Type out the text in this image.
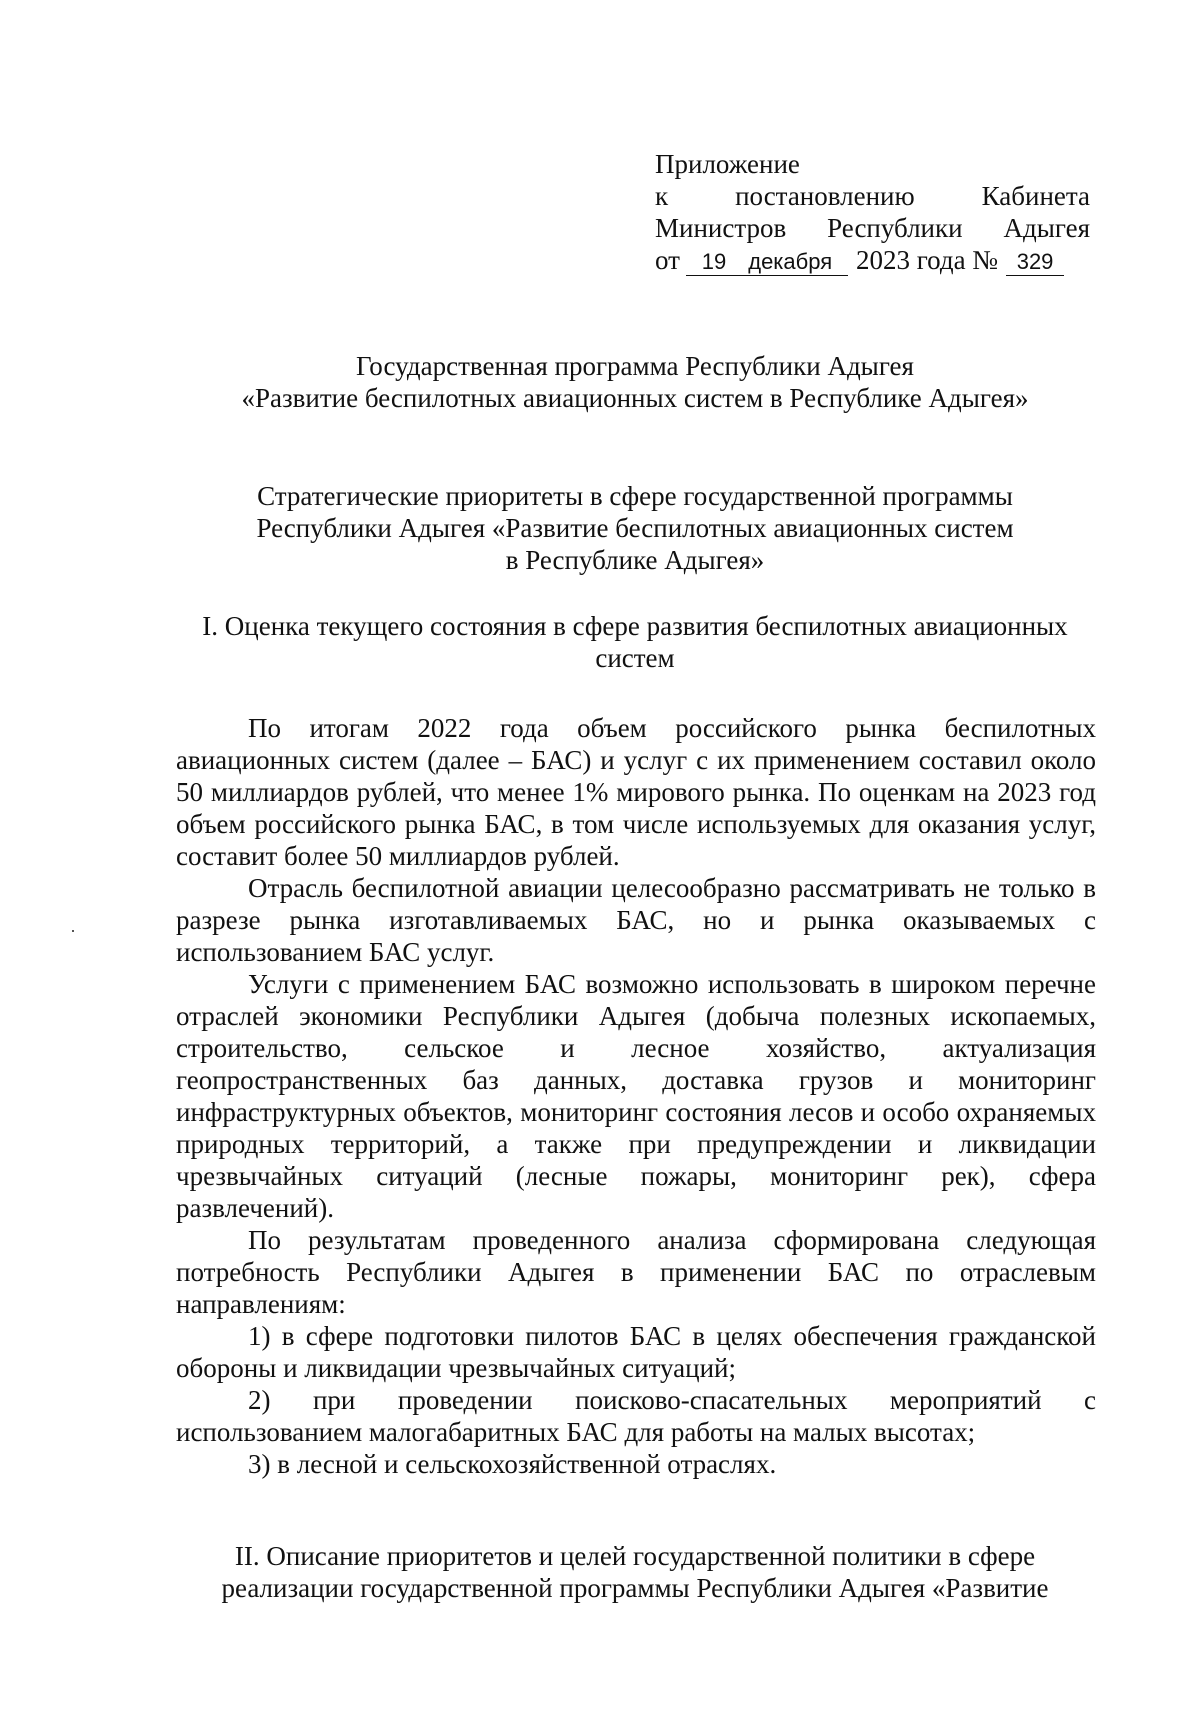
Приложение
к постановлению Кабинета
Министров Республики Адыгея
от 19 декабря 2023 года № 329
Государственная программа Республики Адыгея
«Развитие беспилотных авиационных систем в Республике Адыгея»
Стратегические приоритеты в сфере государственной программы
Республики Адыгея «Развитие беспилотных авиационных систем
в Республике Адыгея»
I. Оценка текущего состояния в сфере развития беспилотных авиационных
систем

По итогам 2022 года объем российского рынка беспилотных авиационных систем (далее – БАС) и услуг с их применением составил около 50 миллиардов рублей, что менее 1% мирового рынка. По оценкам на 2023 год объем российского рынка БАС, в том числе используемых для оказания услуг, составит более 50 миллиардов рублей.

Отрасль беспилотной авиации целесообразно рассматривать не только в разрезе рынка изготавливаемых БАС, но и рынка оказываемых с использованием БАС услуг.

Услуги с применением БАС возможно использовать в широком перечне отраслей экономики Республики Адыгея (добыча полезных ископаемых, строительство, сельское и лесное хозяйство, актуализация геопространственных баз данных, доставка грузов и мониторинг инфраструктурных объектов, мониторинг состояния лесов и особо охраняемых природных территорий, а также при предупреждении и ликвидации чрезвычайных ситуаций (лесные пожары, мониторинг рек), сфера развлечений).

По результатам проведенного анализа сформирована следующая потребность Республики Адыгея в применении БАС по отраслевым направлениям:

1) в сфере подготовки пилотов БАС в целях обеспечения гражданской обороны и ликвидации чрезвычайных ситуаций;

2) при проведении поисково-спасательных мероприятий с использованием малогабаритных БАС для работы на малых высотах;

3) в лесной и сельскохозяйственной отраслях.

II. Описание приоритетов и целей государственной политики в сфере
реализации государственной программы Республики Адыгея «Развитие
